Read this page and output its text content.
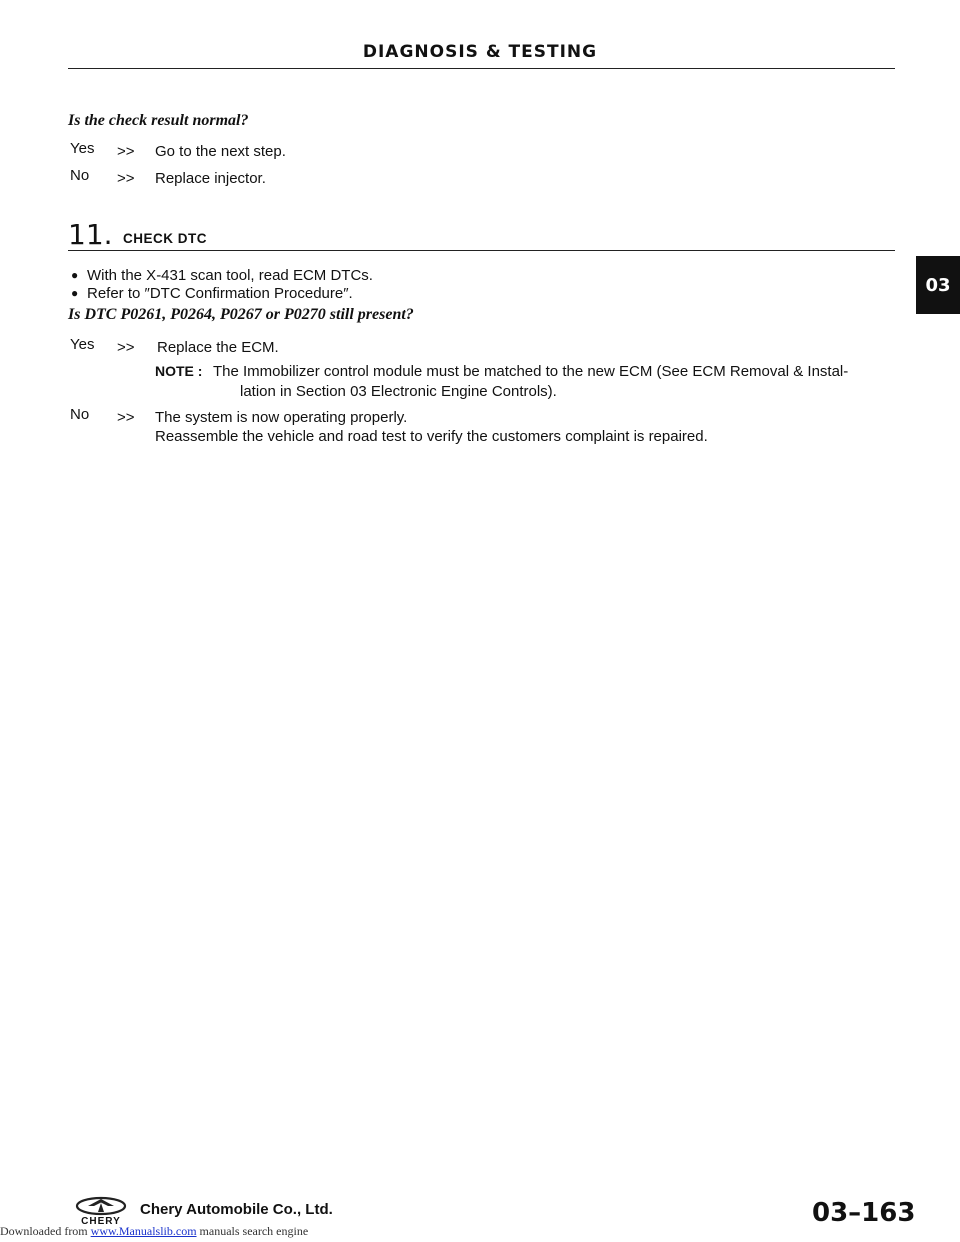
DIAGNOSIS & TESTING
Is the check result normal?
Yes >> Go to the next step.
No >> Replace injector.
11. CHECK DTC
● With the X-431 scan tool, read ECM DTCs.
● Refer to ″DTC Confirmation Procedure″.
Is DTC P0261, P0264, P0267 or P0270 still present?
Yes >> Replace the ECM.
NOTE : The Immobilizer control module must be matched to the new ECM (See ECM Removal & Instal-
lation in Section 03 Electronic Engine Controls).
No >> The system is now operating properly.
Reassemble the vehicle and road test to verify the customers complaint is repaired.
03
CHERY
Chery Automobile Co., Ltd.	03–163
Downloaded from www.Manualslib.com manuals search engine
